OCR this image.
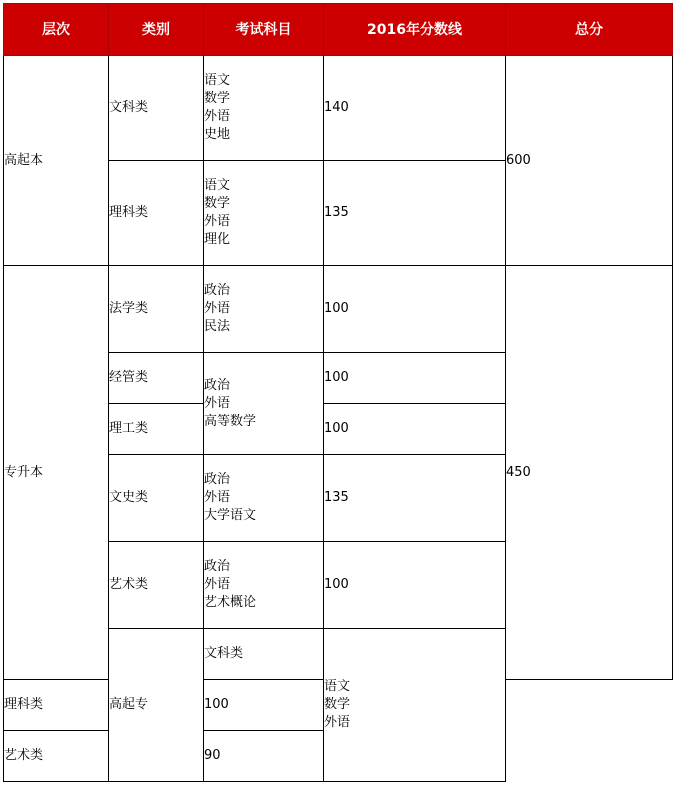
层次	类别	考试科目	2016年分数线	总分	
高起本	文科类	语文
数学
外语
史地	140	600	
	理科类	语文
数学
外语
理化	135		
专升本	法学类	政治
外语
民法	100	450	
	经管类	政治
外语
高等数学	100		
	理工类		100		
	文史类	政治
外语
大学语文	135		
	艺术类	政治
外语
艺术概论	100		
	高起专	文科类	语文
数学
外语

理科类		100			
艺术类		90			
